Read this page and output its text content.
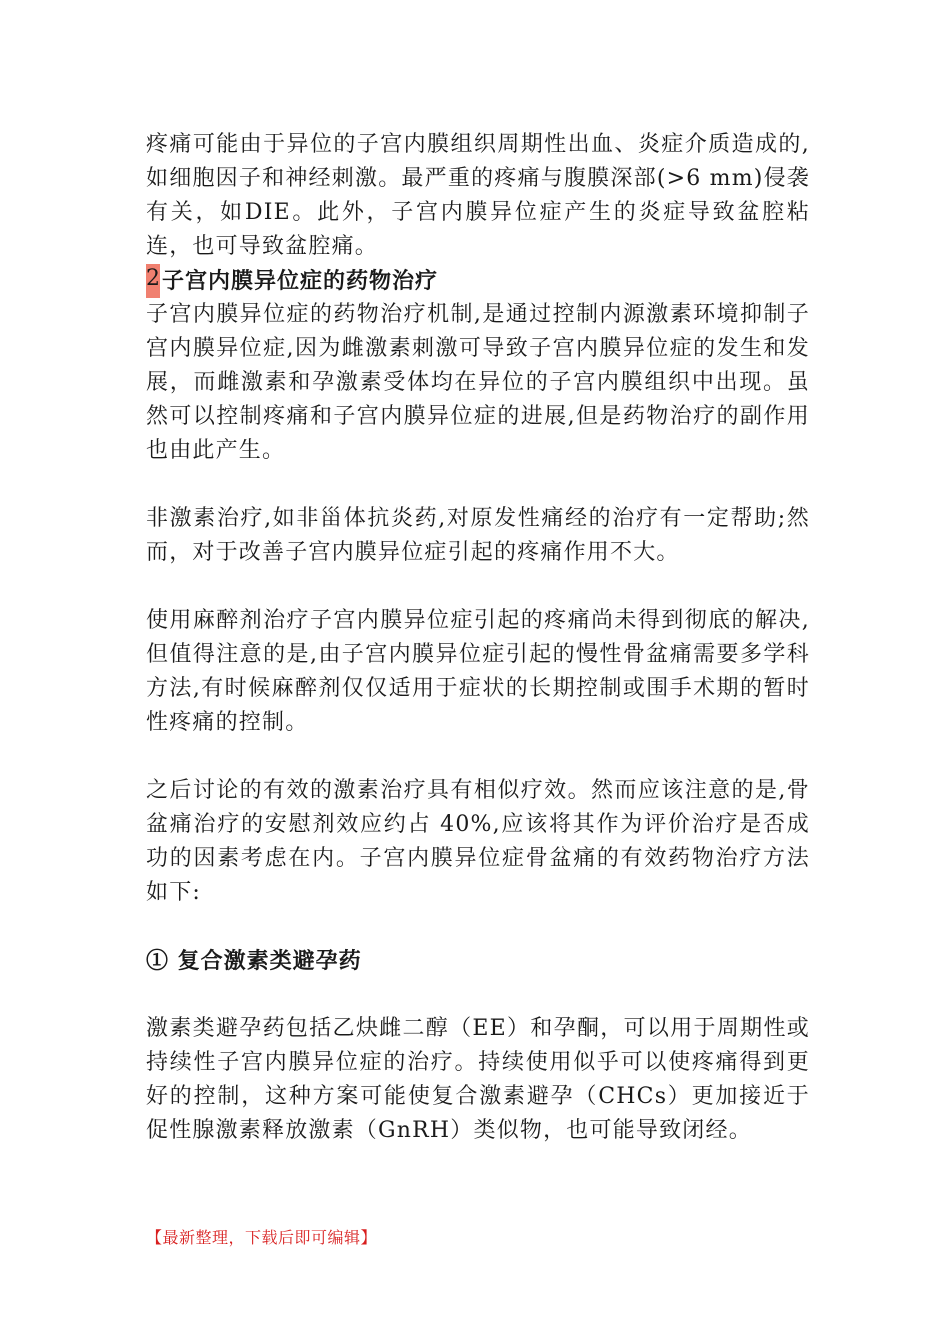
疼痛可能由于异位的子宫内膜组织周期性出血、炎症介质造成的,如细胞因子和神经刺激。最严重的疼痛与腹膜深部(>6 mm)侵袭有关，如DIE。此外，子宫内膜异位症产生的炎症导致盆腔粘连，也可导致盆腔痛。

2 子宫内膜异位症的药物治疗

子宫内膜异位症的药物治疗机制,是通过控制内源激素环境抑制子宫内膜异位症,因为雌激素刺激可导致子宫内膜异位症的发生和发展，而雌激素和孕激素受体均在异位的子宫内膜组织中出现。虽然可以控制疼痛和子宫内膜异位症的进展,但是药物治疗的副作用也由此产生。

非激素治疗,如非甾体抗炎药,对原发性痛经的治疗有一定帮助;然而，对于改善子宫内膜异位症引起的疼痛作用不大。

使用麻醉剂治疗子宫内膜异位症引起的疼痛尚未得到彻底的解决,但值得注意的是,由子宫内膜异位症引起的慢性骨盆痛需要多学科方法,有时候麻醉剂仅仅适用于症状的长期控制或围手术期的暂时性疼痛的控制。

之后讨论的有效的激素治疗具有相似疗效。然而应该注意的是,骨盆痛治疗的安慰剂效应约占 40%,应该将其作为评价治疗是否成功的因素考虑在内。子宫内膜异位症骨盆痛的有效药物治疗方法如下:

① 复合激素类避孕药

激素类避孕药包括乙炔雌二醇（EE）和孕酮，可以用于周期性或持续性子宫内膜异位症的治疗。持续使用似乎可以使疼痛得到更好的控制，这种方案可能使复合激素避孕（CHCs）更加接近于促性腺激素释放激素（GnRH）类似物，也可能导致闭经。

【最新整理，下载后即可编辑】
